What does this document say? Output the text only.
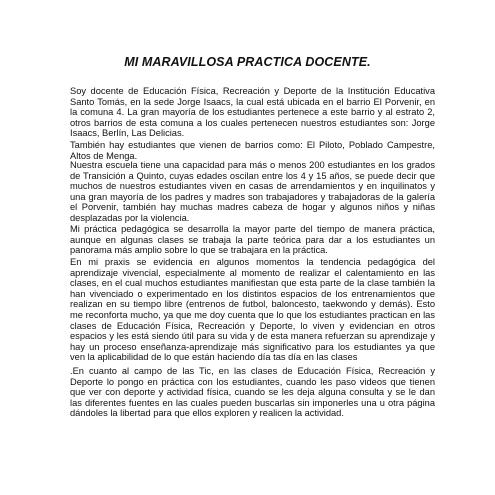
MI MARAVILLOSA PRACTICA DOCENTE.
Soy docente de Educación Física, Recreación y Deporte de la Institución Educativa Santo Tomás, en la sede Jorge Isaacs, la cual está ubicada en el barrio El Porvenir, en la comuna 4. La gran mayoría de los estudiantes pertenece a este barrio y al estrato 2, otros barrios de esta comuna a los cuales pertenecen nuestros estudiantes son: Jorge Isaacs, Berlín, Las Delicias.
También hay estudiantes que vienen de barrios como: El Piloto, Poblado Campestre, Altos de Menga.
Nuestra escuela tiene una capacidad para más o menos 200 estudiantes en los grados de Transición a Quinto, cuyas edades oscilan entre los 4 y 15 años, se puede decir que muchos de nuestros estudiantes viven en casas de arrendamientos y en inquilinatos y una gran mayoría de los padres y madres son trabajadores y trabajadoras de la galería el Porvenir, también hay muchas madres cabeza de hogar y algunos niños y niñas desplazadas por la violencia.
Mi práctica pedagógica se desarrolla la mayor parte del tiempo de manera práctica, aunque en algunas clases se trabaja la parte teórica para dar a los estudiantes un panorama más amplio sobre lo que se trabajara en la práctica.
En mi praxis se evidencia en algunos momentos la tendencia pedagógica del aprendizaje vivencial, especialmente al momento de realizar el calentamiento en las clases, en el cual muchos estudiantes manifiestan que esta parte de la clase también la han vivenciado o experimentado en los distintos espacios de los entrenamientos que realizan en su tiempo libre (entrenos de futbol, baloncesto, taekwondo y demás). Esto me reconforta mucho, ya que me doy cuenta que lo que los estudiantes practican en las clases de Educación Física, Recreación y Deporte, lo viven y evidencian en otros espacios y les está siendo útil para su vida y de esta manera refuerzan su aprendizaje y hay un proceso enseñanza-aprendizaje más significativo para los estudiantes ya que ven la aplicabilidad de lo que están haciendo día tas día en las clases
.En cuanto al campo de las Tic, en las clases de Educación Física, Recreación y Deporte lo pongo en práctica con los estudiantes, cuando les paso videos que tienen que ver con deporte y actividad física, cuando se les deja alguna consulta y se le dan las diferentes fuentes en las cuales pueden buscarlas sin imponerles una u otra página dándoles la libertad para que ellos exploren y realicen la actividad.
